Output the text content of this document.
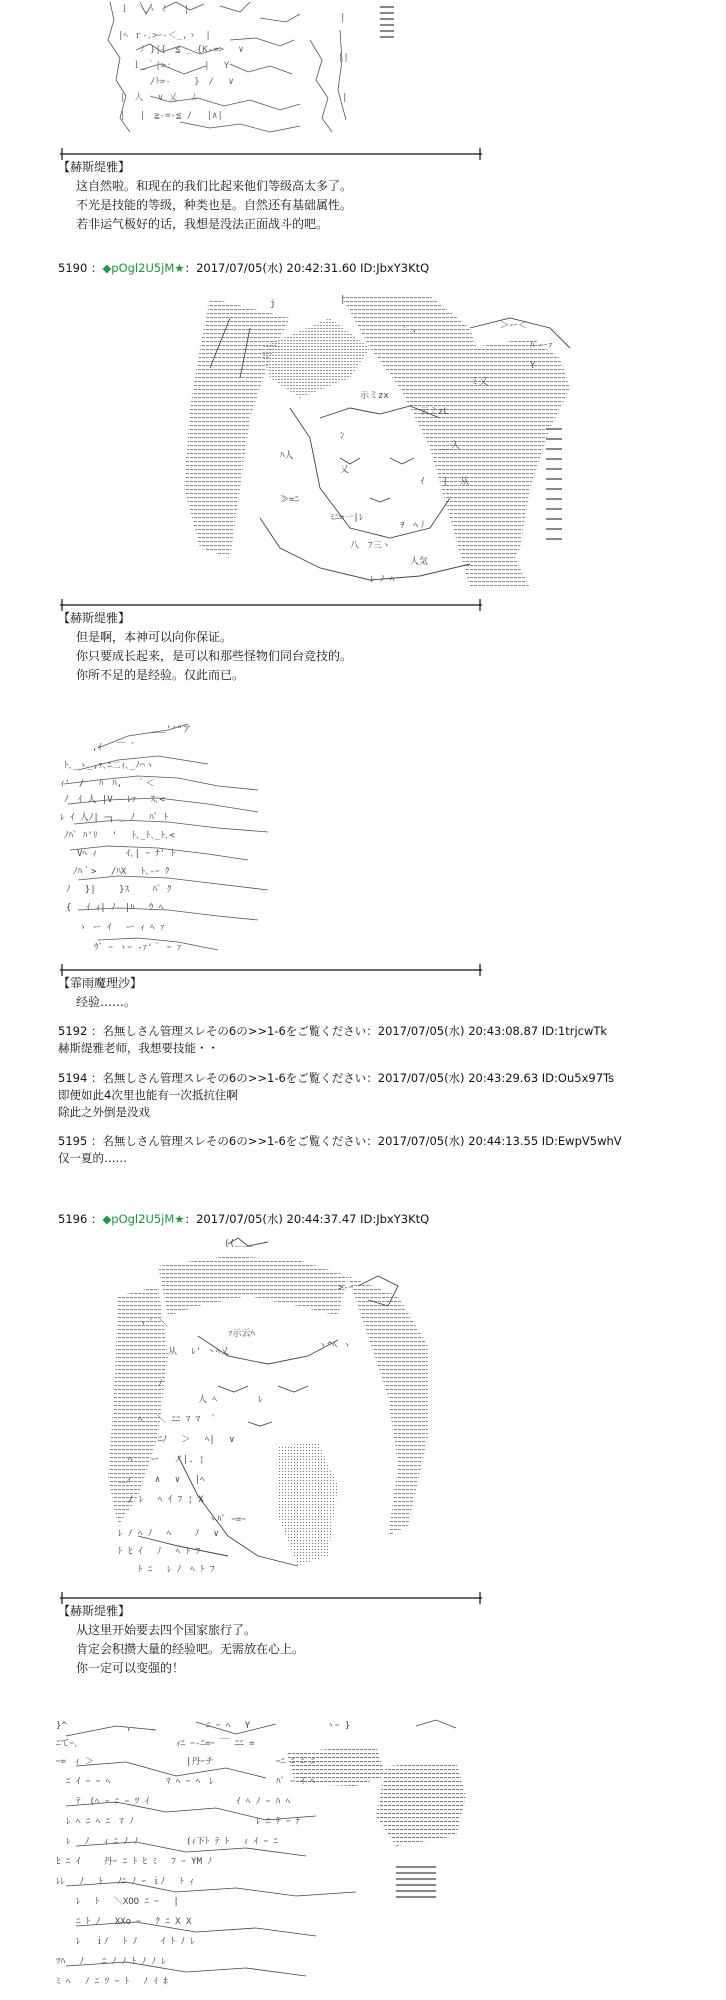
ｌ　＼ゝ ｲ　　|
|ﾍ ｒ-､>ｰ-＜_,ゝ　|
ﾉ }|{　≦ _ {K-=>　 ∨
ｌ_｀|>:　　　 |　 Y
/ﾄ=-　　 }　/　 ∨
|　人　 ∨ 乂　 ﾑ
|　 |　≧-=-≦ /　 |∧|
|
||
|
【赫斯缇雅】
这自然啦。和现在的我们比起来他们等级高太多了。
不光是技能的等级，种类也是。自然还有基础属性。
若非运气极好的话，我想是没法正面战斗的吧。
5190 ：◆pOgl2U5jM★：2017/07/05(水) 20:42:31.60 ID:JbxY3KtQ
j	|
｀ゝ
＞ー＜
ﾊﾞーｧ
Y
ミ乂
示ミzx
云ミzL
ﾝ
__入
ﾊ人
乂
ｲ　　| 从
≫=ﾆ
ﾐﾆ=一|ﾚ
ｦ　ﾍ丿
八　ﾌ三ヽ
人気
ﾚ ﾉ ﾍ
【赫斯缇雅】
但是啊，本神可以向你保证。
你只要成长起来，是可以和那些怪物们同台竞技的。
你所不足的是经验。仅此而已。
＿＿''"ア
,ｲ　 ￣ ゛
ﾄ､_ゝ_,ｧ､ﾆ二ｨ､_ﾉ⌒ヽ
ｨ'　/　 ﾊ　ﾊ,　 ｀＜
ﾉ　ｲ 人 |V　 ﾚｧ　 ｽ､<
ﾚ ｲ 人ﾉ| ｰ┐ _ ﾉ　 ﾊﾟ ﾄ
ﾉﾊﾟ ﾊ'ﾘ　 '　 ﾄ､_ﾄ､_ﾄ､<
　Vﾍ ｨ 　　 ｲ､| ｰ ﾅ' ﾄ
　ﾉﾊ｀>　 /ﾊX　 ﾄ､-ｰ ｸ
ﾉ　 }|　　 }ｽ　　 ﾊﾟ ｸ
{　 ｲ ｨ| ﾉ　|ﾊ　 ｳ ﾍ
ゝ ー ｲ　 ー ｨ ﾍ ｧ
ｳﾞ ｰ ゝｰ -ｧ'｀ ｰ ｧ
【霏雨魔理沙】
经验……。
5192 ：名無しさん管理スレその6の>>1-6をご覧ください：2017/07/05(水) 20:43:08.87 ID:1trjcwTk
赫斯缇雅老师，我想要技能・・
5194 ：名無しさん管理スレその6の>>1-6をご覧ください：2017/07/05(水) 20:43:29.63 ID:Ou5x97Ts
即便如此4次里也能有一次抵抗住啊
除此之外倒是没戏
5195 ：名無しさん管理スレその6の>>1-6をご覧ください：2017/07/05(水) 20:44:13.55 ID:EwpV5whV
仅一夏的……
5196 ：◆pOgl2U5jM★：2017/07/05(水) 20:44:37.47 ID:JbxY3KtQ
((＿＿
>-ｰ
ヽ ﾟ ＼
ｧ示云ﾍ
从　 ﾚ' ヽﾍ乂
ヽ^ﾍ ヽ
ﾉ
人 ﾍ　　　　 ﾚ
ﾍ　 ＼ ﾆﾆ ﾏ ﾏ　 ﾟ
ﾆﾉ　 ＞　 ﾍ|　 ∨
ﾍ　　ー　 ノ|. ¦
＿ｨ　　 ∧　 ∨　 |ﾍ
/ ﾚ　 ﾍ ｲ ﾌ ¦ X
ヽﾊﾞ ｰ=ｰ
ﾚ ﾉ ﾍ ﾉ　 ﾍ　　 ﾉ　 ∨
ﾄ ﾋ ｲ　 ﾉ　 ﾍ ﾄ ﾌ
ﾄ ﾆ　 ﾚ ﾉ　ﾍ ﾄ ﾌ
【赫斯缇雅】
从这里开始要去四个国家旅行了。
肯定会积攒大量的经验吧。无需放在心上。
你一定可以变强的！
}^	,-　 ､	ﾆ ｰ ﾍ　 Y	ヽｰ }
ﾆてｰ､	ｨﾆ ｰ-ﾆ=ｰ ￣ ﾆﾆ =
ｰ=　ｨ ＞	|丹ｰチ	ｰﾆ ﾆ ﾆ ﾆ
ﾆ ｲ ｰ ｰ ﾍ	ﾏ ﾍ ｰ ﾍ　ﾚ	ﾊﾟ ｰ ｲ ﾍ
ﾃ　(ﾍ ｰ ﾆ ｰ ﾂ ｲ	ｲ ﾍ ﾉ ｰ ﾊ ﾍ
ﾚ ﾍ ﾆ ﾍ ﾆ　ﾏ ﾉ	ﾚ ﾆ ﾃ ｰ ﾅ
ﾚ　 ﾉ　 ｨ ﾆ ﾉ ﾉ	(ｨ下ﾄ ﾃ ﾄ　 ｨ ｲ ｰ ﾆ
ﾋ ﾆ ｲ　　 丹ｰ ﾆ ﾄ ﾋ ﾐ　 ﾌ ｰ YM ﾉ
ﾚﾚ　 ﾉ　 ﾄ　 ﾉﾆ ﾉ ｰ ｉﾉ　 ﾄ ｨ
ﾚ　 ﾄ　 ＼XOO ﾆ ｰ　 |
ﾆ ﾄ ﾉ　 XXo ｰ　 ｸ ﾆ X X
ﾚ　 ｉﾉ　 ﾄ ﾉ　　 ｲ ﾄ ﾉ ﾚ
ﾂﾊ　 ﾉ　　ﾆ ﾉ ﾉ ﾄ ﾉ ﾉ ﾚ
ﾐ ﾍ　 ﾉ ﾆ ﾂ ｰ ﾄ　 ﾉ ｲ ﾎ
